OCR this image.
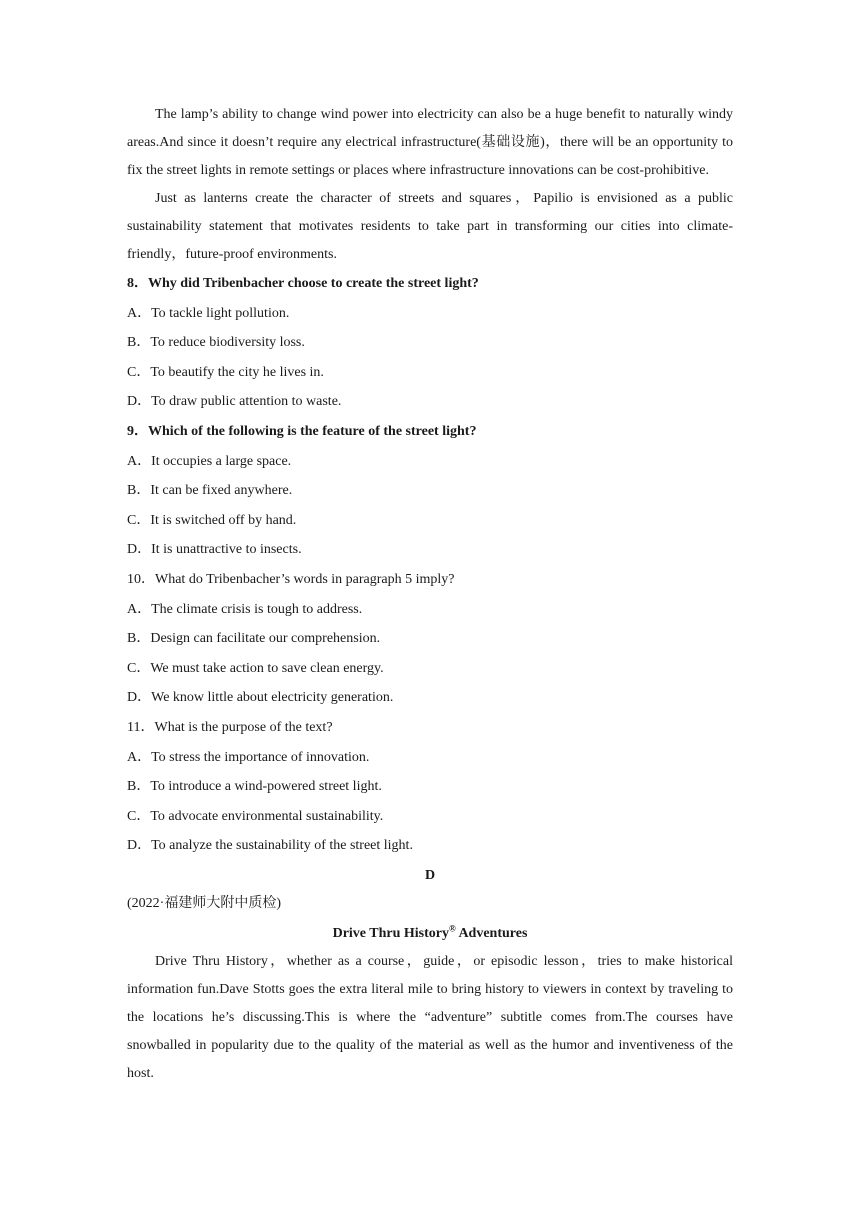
The lamp’s ability to change wind power into electricity can also be a huge benefit to naturally windy areas.And since it doesn’t require any electrical infrastructure(基础设施)，there will be an opportunity to fix the street lights in remote settings or places where infrastructure innovations can be cost-prohibitive.

Just as lanterns create the character of streets and squares，Papilio is envisioned as a public sustainability statement that motivates residents to take part in transforming our cities into climate-friendly，future-proof environments.

8．Why did Tribenbacher choose to create the street light?

A．To tackle light pollution.

B．To reduce biodiversity loss.

C．To beautify the city he lives in.

D．To draw public attention to waste.

9．Which of the following is the feature of the street light?

A．It occupies a large space.

B．It can be fixed anywhere.

C．It is switched off by hand.

D．It is unattractive to insects.

10．What do Tribenbacher’s words in paragraph 5 imply?

A．The climate crisis is tough to address.

B．Design can facilitate our comprehension.

C．We must take action to save clean energy.

D．We know little about electricity generation.

11．What is the purpose of the text?

A．To stress the importance of innovation.

B．To introduce a wind-powered street light.

C．To advocate environmental sustainability.

D．To analyze the sustainability of the street light.

D

(2022·福建师大附中质检)

Drive Thru History® Adventures

Drive Thru History，whether as a course，guide，or episodic lesson，tries to make historical information fun.Dave Stotts goes the extra literal mile to bring history to viewers in context by traveling to the locations he’s discussing.This is where the “adventure” subtitle comes from.The courses have snowballed in popularity due to the quality of the material as well as the humor and inventiveness of the host.
